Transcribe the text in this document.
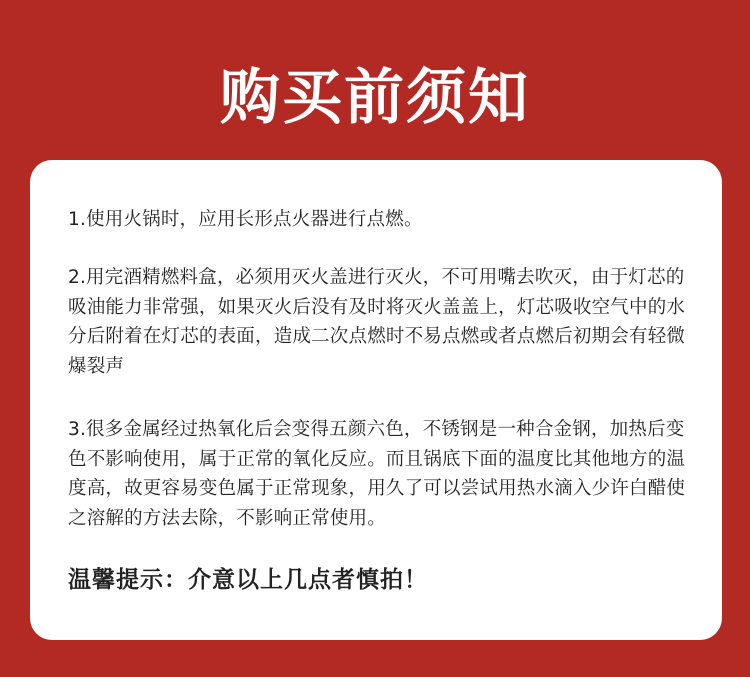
购买前须知

1.使用火锅时，应用长形点火器进行点燃。

2.用完酒精燃料盒，必须用灭火盖进行灭火，不可用嘴去吹灭，由于灯芯的吸油能力非常强，如果灭火后没有及时将灭火盖盖上，灯芯吸收空气中的水分后附着在灯芯的表面，造成二次点燃时不易点燃或者点燃后初期会有轻微爆裂声

3.很多金属经过热氧化后会变得五颜六色，不锈钢是一种合金钢，加热后变色不影响使用，属于正常的氧化反应。而且锅底下面的温度比其他地方的温度高，故更容易变色属于正常现象，用久了可以尝试用热水滴入少许白醋使之溶解的方法去除，不影响正常使用。

温馨提示：介意以上几点者慎拍！
